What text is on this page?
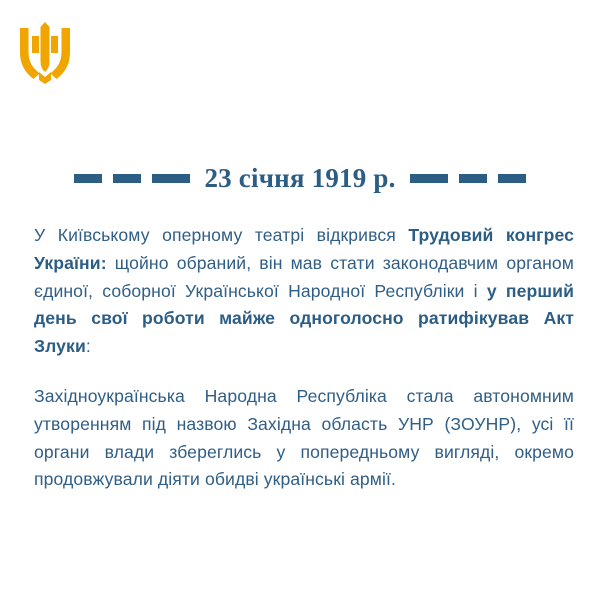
23 січня 1919 р.

У Київському оперному театрі відкрився Трудовий конгрес України: щойно обраний, він мав стати законодавчим органом єдиної, соборної Української Народної Республіки і у перший день свої роботи майже одноголосно ратифікував Акт Злуки:

Західноукраїнська Народна Республіка стала автономним утворенням під назвою Західна область УНР (ЗОУНР), усі її органи влади збереглись у попередньому вигляді, окремо продовжували діяти обидві українські армії.
